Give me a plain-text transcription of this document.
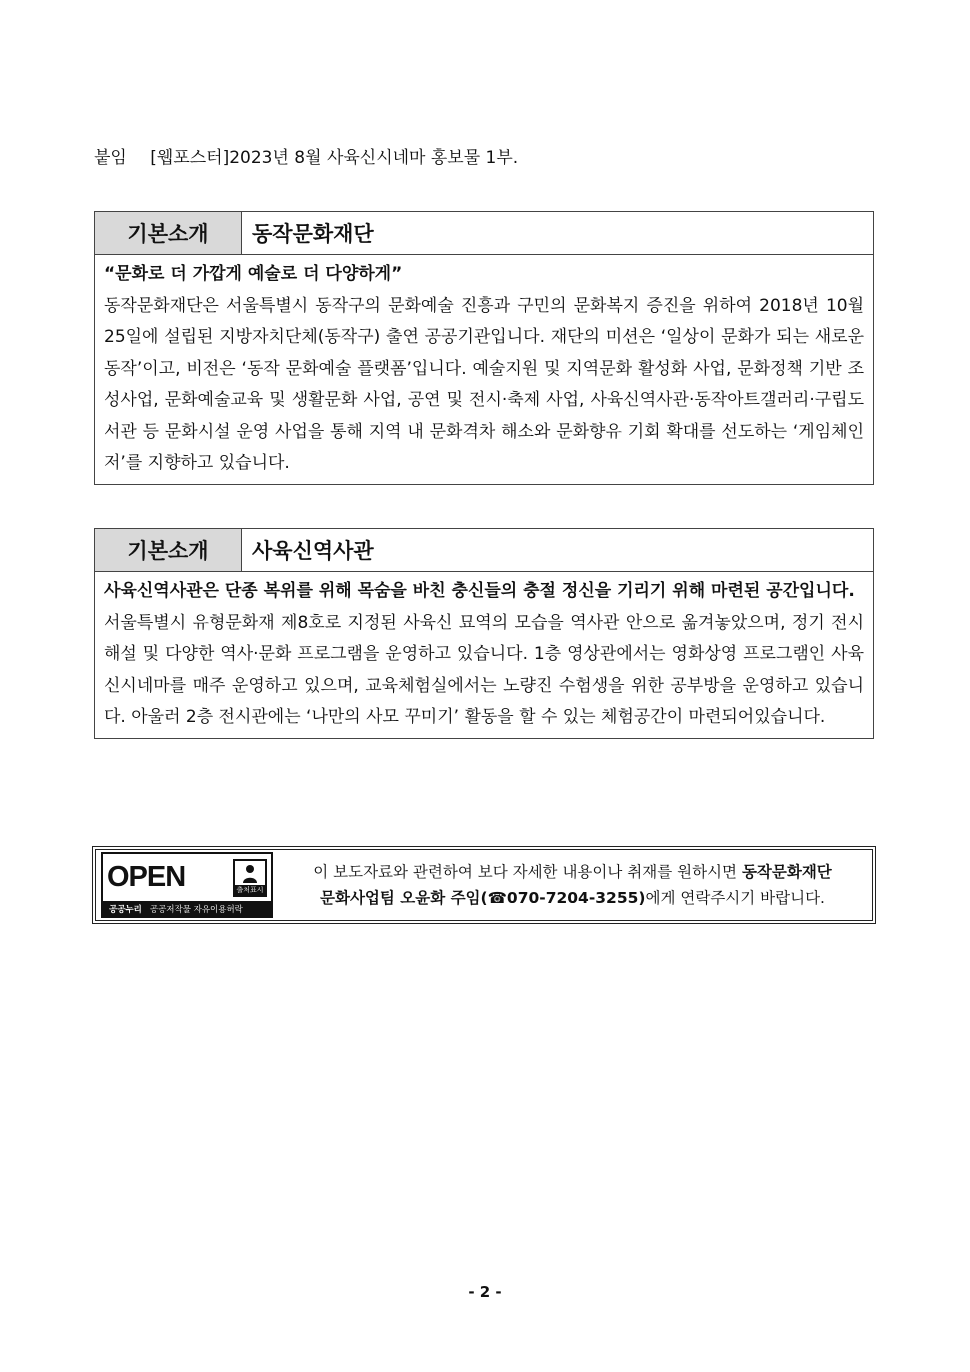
붙임 [웹포스터]2023년 8월 사육신시네마 홍보물 1부.
기본소개	동작문화재단

“문화로 더 가깝게 예술로 더 다양하게”

동작문화재단은 서울특별시 동작구의 문화예술 진흥과 구민의 문화복지 증진을 위하여 2018년 10월 25일에 설립된 지방자치단체(동작구) 출연 공공기관입니다. 재단의 미션은 ‘일상이 문화가 되는 새로운 동작’이고, 비전은 ‘동작 문화예술 플랫폼’입니다. 예술지원 및 지역문화 활성화 사업, 문화정책 기반 조성사업, 문화예술교육 및 생활문화 사업, 공연 및 전시·축제 사업, 사육신역사관·동작아트갤러리·구립도서관 등 문화시설 운영 사업을 통해 지역 내 문화격차 해소와 문화향유 기회 확대를 선도하는 ‘게임체인저’를 지향하고 있습니다.

기본소개	사육신역사관

사육신역사관은 단종 복위를 위해 목숨을 바친 충신들의 충절 정신을 기리기 위해 마련된 공간입니다.

서울특별시 유형문화재 제8호로 지정된 사육신 묘역의 모습을 역사관 안으로 옮겨놓았으며, 정기 전시해설 및 다양한 역사·문화 프로그램을 운영하고 있습니다. 1층 영상관에서는 영화상영 프로그램인 사육신시네마를 매주 운영하고 있으며, 교육체험실에서는 노량진 수험생을 위한 공부방을 운영하고 있습니다. 아울러 2층 전시관에는 ‘나만의 사모 꾸미기’ 활동을 할 수 있는 체험공간이 마련되어있습니다.

OPEN	출처표시
공공누리 공공저작물 자유이용허락
이 보도자료와 관련하여 보다 자세한 내용이나 취재를 원하시면 동작문화재단
문화사업팀 오윤화 주임(☎070-7204-3255)에게 연락주시기 바랍니다.
- 2 -
